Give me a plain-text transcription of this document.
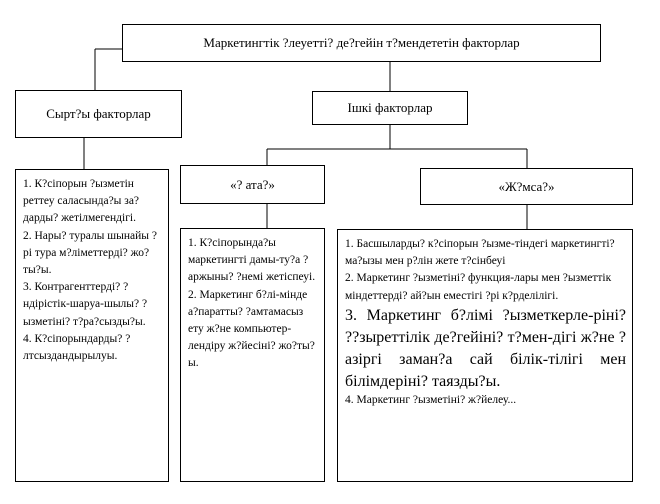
Маркетингтік ?леуетті? де?гейін т?мендететін факторлар
Сырт?ы факторлар	Ішкі факторлар

1. К?сіпорын ?ызметін реттеу саласында?ы за?дарды? жетілмегендігі.

2. Нары? туралы шынайы ?рі тура м?ліметтерді? жо?ты?ы.

3. Контрагенттерді? ?ндірістік-шаруа-шылы? ?ызметіні? т?ра?сызды?ы.

4. К?сіпорындарды? ?лтсыздандырылуы.

«? ата?»	«Ж?мса?»

1. К?сіпорында?ы маркетингті дамы-ту?а ?аржыны? ?немі жетіспеуі.

2. Маркетинг б?лі-мінде а?паратты? ?амтамасыз ету ж?не компьютер-лендіру ж?йесіні? жо?ты?ы.

1. Басшыларды? к?сіпорын ?ызме-тіндегі маркетингті? ма?ызы мен р?лін жете т?сінбеуі

2. Маркетинг ?ызметіні? функция-лары мен ?ызметтік міндеттерді? ай?ын еместігі ?рі к?рделілігі.

3. Маркетинг б?лімі ?ызметкерле-ріні? ??зыреттілік де?гейіні? т?мен-дігі ж?не ?азіргі заман?а сай білік-тілігі мен білімдеріні? таязды?ы.

4. Маркетинг ?ызметіні? ж?йелеу...
